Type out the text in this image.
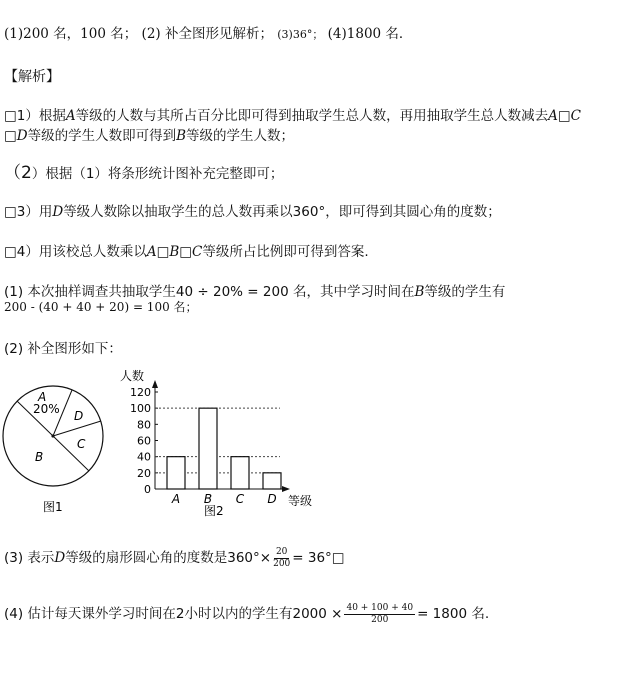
(1)200 名，100 名； (2) 补全图形见解析； (3)36°； (4)1800 名．
【解析】
□1）根据A等级的人数与其所占百分比即可得到抽取学生总人数，再用抽取学生总人数减去A□C
□D等级的学生人数即可得到B等级的学生人数；
（2）根据（1）将条形统计图补充完整即可；
□3）用D等级人数除以抽取学生的总人数再乘以360°，即可得到其圆心角的度数；
□4）用该校总人数乘以A□B□C等级所占比例即可得到答案.
(1) 本次抽样调查共抽取学生40 ÷ 20% = 200 名，其中学习时间在B等级的学生有
200 - (40 + 40 + 20) = 100 名；
(2) 补全图形如下：
A
20% D
C
B
图1
人数
等级
图2
0
20
40
60
80
100
120
A B C D
(3) 表示D等级的扇形圆心角的度数是$360^\circ\times \frac{20}{200}$ = 36°□
(4) 估计每天课外学习时间在2小时以内的学生有$2000 \times \frac{40 + 100 + 40}{200} = 1800$ 名.
